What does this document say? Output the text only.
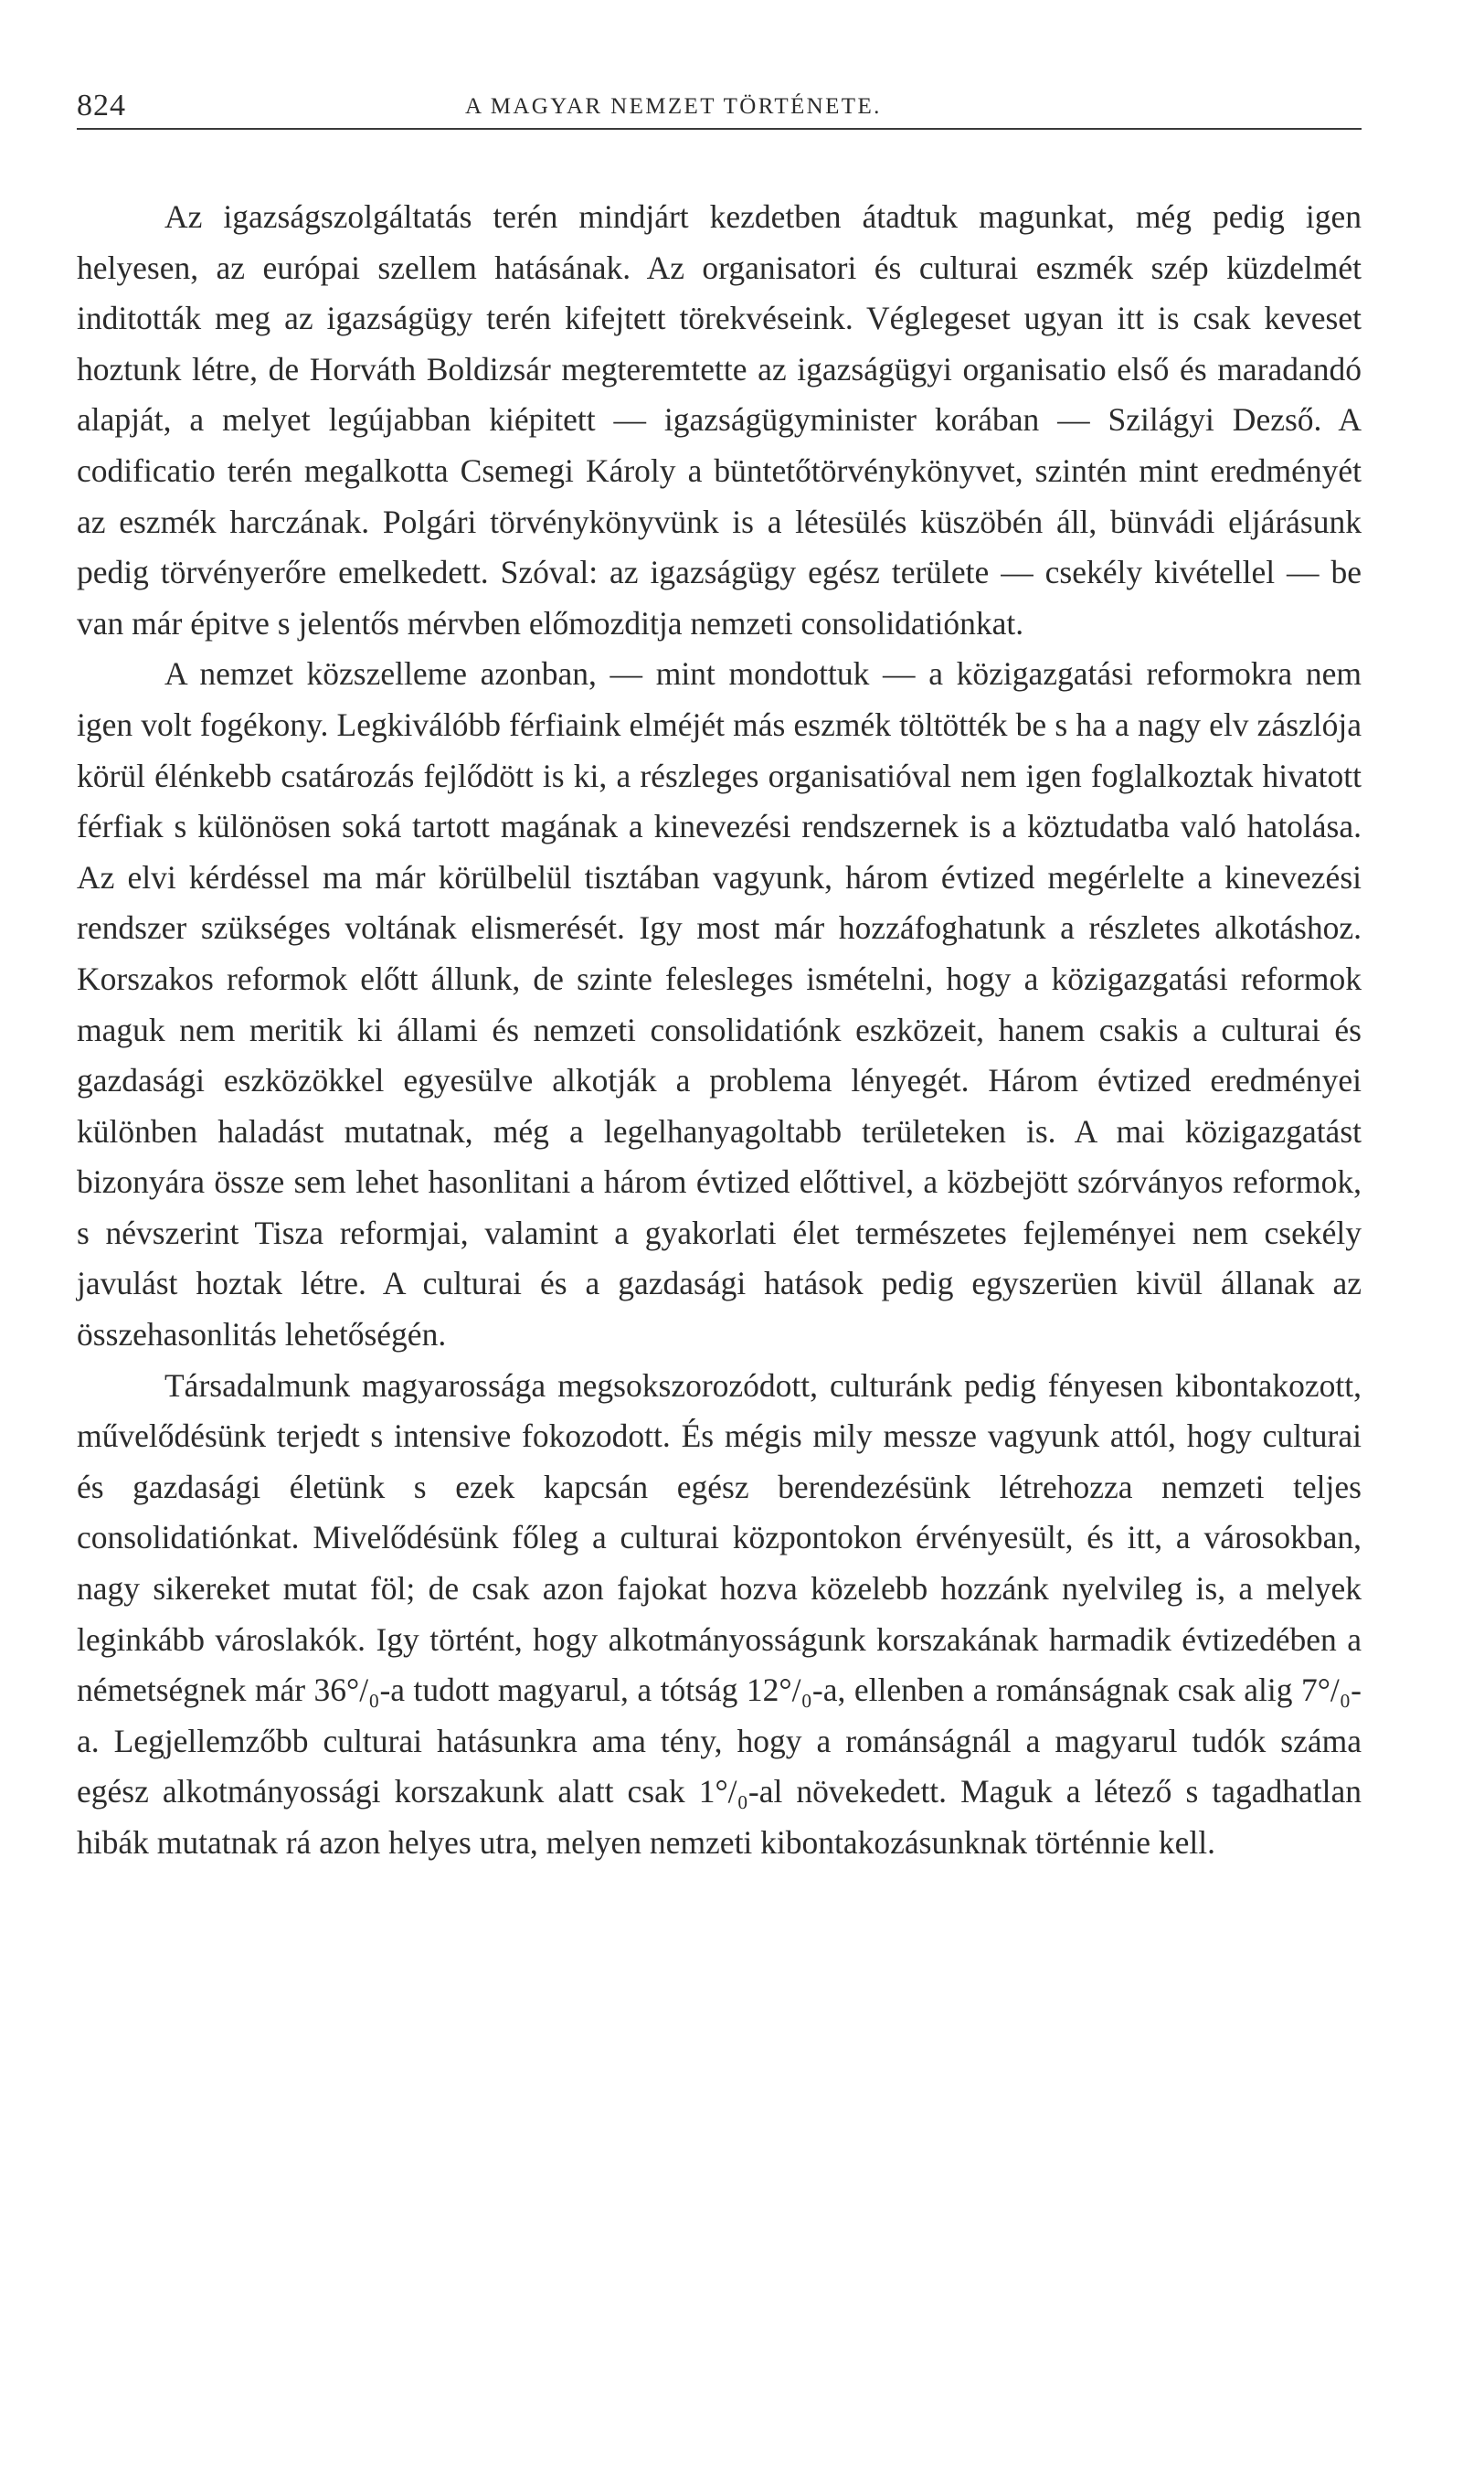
824	A MAGYAR NEMZET TÖRTÉNETE.

Az igazságszolgáltatás terén mindjárt kezdetben átadtuk magunkat, még pedig igen helyesen, az európai szellem hatásának. Az organisatori és culturai eszmék szép küzdelmét inditották meg az igazságügy terén kifejtett törekvéseink. Véglegeset ugyan itt is csak keveset hoztunk létre, de Horváth Boldizsár megteremtette az igazságügyi organisatio első és maradandó alapját, a melyet legújabban kiépitett — igazságügyminister korában — Szilágyi Dezső. A codificatio terén megalkotta Csemegi Károly a büntetőtörvénykönyvet, szintén mint eredményét az eszmék harczának. Polgári törvénykönyvünk is a létesülés küszöbén áll, bünvádi eljárásunk pedig törvényerőre emelkedett. Szóval: az igazságügy egész területe — csekély kivétellel — be van már épitve s jelentős mérvben előmozditja nemzeti consolidatiónkat.

A nemzet közszelleme azonban, — mint mondottuk — a közigazgatási reformokra nem igen volt fogékony. Legkiválóbb férfiaink elméjét más eszmék töltötték be s ha a nagy elv zászlója körül élénkebb csatározás fejlődött is ki, a részleges organisatióval nem igen foglalkoztak hivatott férfiak s különösen soká tartott magának a kinevezési rendszernek is a köztudatba való hatolása. Az elvi kérdéssel ma már körülbelül tisztában vagyunk, három évtized megérlelte a kinevezési rendszer szükséges voltának elismerését. Igy most már hozzáfoghatunk a részletes alkotáshoz. Korszakos reformok előtt állunk, de szinte felesleges ismételni, hogy a közigazgatási reformok maguk nem meritik ki állami és nemzeti consolidatiónk eszközeit, hanem csakis a culturai és gazdasági eszközökkel egyesülve alkotják a problema lényegét. Három évtized eredményei különben haladást mutatnak, még a legelhanyagoltabb területeken is. A mai közigazgatást bizonyára össze sem lehet hasonlitani a három évtized előttivel, a közbejött szórványos reformok, s névszerint Tisza reformjai, valamint a gyakorlati élet természetes fejleményei nem csekély javulást hoztak létre. A culturai és a gazdasági hatások pedig egyszerüen kivül állanak az összehasonlitás lehetőségén.

Társadalmunk magyarossága megsokszorozódott, culturánk pedig fényesen kibontakozott, művelődésünk terjedt s intensive fokozodott. És mégis mily messze vagyunk attól, hogy culturai és gazdasági életünk s ezek kapcsán egész berendezésünk létrehozza nemzeti teljes consolidatiónkat. Mivelődésünk főleg a culturai központokon érvényesült, és itt, a városokban, nagy sikereket mutat föl; de csak azon fajokat hozva közelebb hozzánk nyelvileg is, a melyek leginkább városlakók. Igy történt, hogy alkotmányosságunk korszakának harmadik évtizedében a németségnek már 36°/₀-a tudott magyarul, a tótság 12°/₀-a, ellenben a románságnak csak alig 7°/₀-a. Legjellemzőbb culturai hatásunkra ama tény, hogy a románságnál a magyarul tudók száma egész alkotmányossági korszakunk alatt csak 1°/₀-al növekedett. Maguk a létező s tagadhatlan hibák mutatnak rá azon helyes utra, melyen nemzeti kibontakozásunknak történnie kell.
